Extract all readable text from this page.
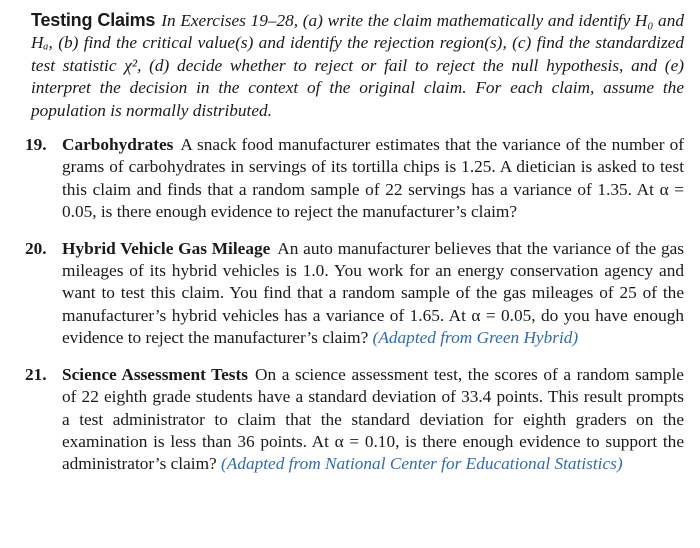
Testing Claims In Exercises 19–28, (a) write the claim mathematically and identify H₀ and Hₐ, (b) find the critical value(s) and identify the rejection region(s), (c) find the standardized test statistic χ², (d) decide whether to reject or fail to reject the null hypothesis, and (e) interpret the decision in the context of the original claim. For each claim, assume the population is normally distributed.

19. Carbohydrates A snack food manufacturer estimates that the variance of the number of grams of carbohydrates in servings of its tortilla chips is 1.25. A dietician is asked to test this claim and finds that a random sample of 22 servings has a variance of 1.35. At α = 0.05, is there enough evidence to reject the manufacturer’s claim?

20. Hybrid Vehicle Gas Mileage An auto manufacturer believes that the variance of the gas mileages of its hybrid vehicles is 1.0. You work for an energy conservation agency and want to test this claim. You find that a random sample of the gas mileages of 25 of the manufacturer’s hybrid vehicles has a variance of 1.65. At α = 0.05, do you have enough evidence to reject the manufacturer’s claim? (Adapted from Green Hybrid)

21. Science Assessment Tests On a science assessment test, the scores of a random sample of 22 eighth grade students have a standard deviation of 33.4 points. This result prompts a test administrator to claim that the standard deviation for eighth graders on the examination is less than 36 points. At α = 0.10, is there enough evidence to support the administrator’s claim? (Adapted from National Center for Educational Statistics)
